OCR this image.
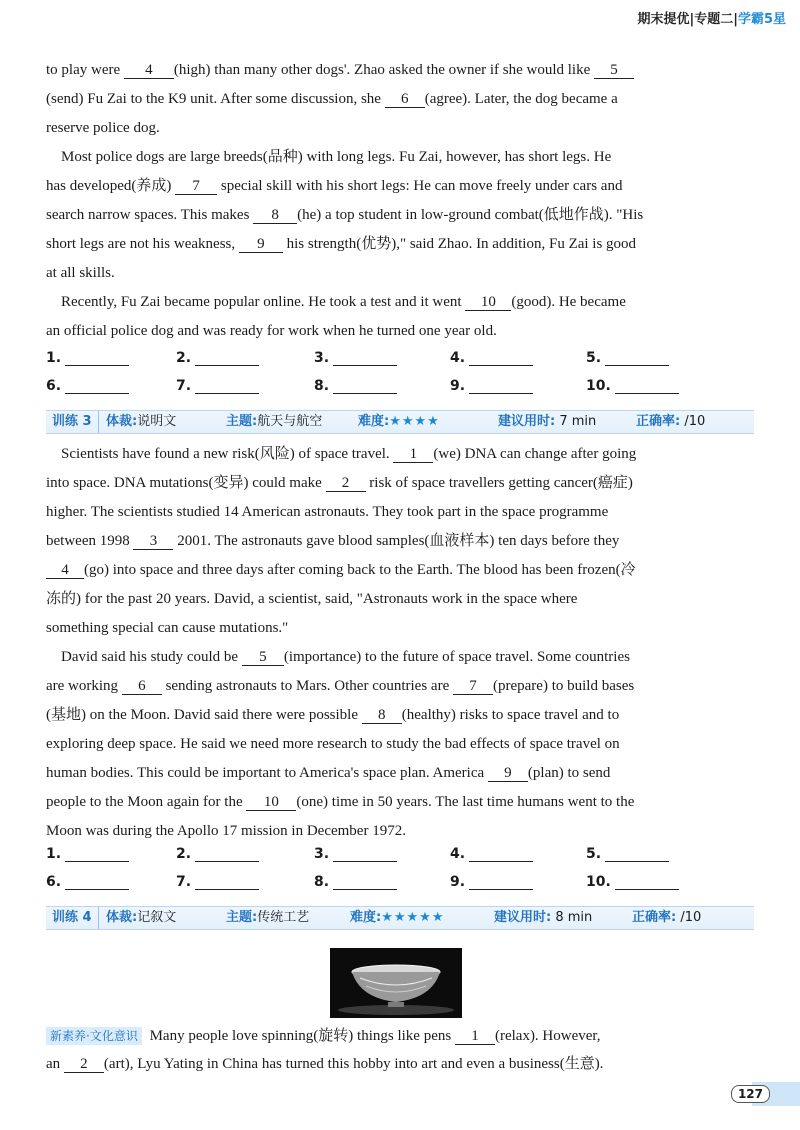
期末提优|专题二|学霸5星
to play were 4 (high) than many other dogs'. Zhao asked the owner if she would like 5
(send) Fu Zai to the K9 unit. After some discussion, she 6 (agree). Later, the dog became a
reserve police dog.
Most police dogs are large breeds(品种) with long legs. Fu Zai, however, has short legs. He
has developed(养成) 7 special skill with his short legs: He can move freely under cars and
search narrow spaces. This makes 8 (he) a top student in low-ground combat(低地作战). "His
short legs are not his weakness, 9 his strength(优势)," said Zhao. In addition, Fu Zai is good
at all skills.
Recently, Fu Zai became popular online. He took a test and it went 10 (good). He became
an official police dog and was ready for work when he turned one year old.
1.	2.	3.	4.	5.
6.	7.	8.	9.	10.
训练 3	体裁:说明文	主题:航天与航空	难度:★★★★	建议用时: 7 min	正确率: /10
Scientists have found a new risk(风险) of space travel. 1 (we) DNA can change after going
into space. DNA mutations(变异) could make 2 risk of space travellers getting cancer(癌症)
higher. The scientists studied 14 American astronauts. They took part in the space programme
between 1998 3 2001. The astronauts gave blood samples(血液样本) ten days before they
4 (go) into space and three days after coming back to the Earth. The blood has been frozen(冷
冻的) for the past 20 years. David, a scientist, said, "Astronauts work in the space where
something special can cause mutations."
David said his study could be 5 (importance) to the future of space travel. Some countries
are working 6 sending astronauts to Mars. Other countries are 7 (prepare) to build bases
(基地) on the Moon. David said there were possible 8 (healthy) risks to space travel and to
exploring deep space. He said we need more research to study the bad effects of space travel on
human bodies. This could be important to America's space plan. America 9 (plan) to send
people to the Moon again for the 10 (one) time in 50 years. The last time humans went to the
Moon was during the Apollo 17 mission in December 1972.
1.	2.	3.	4.	5.
6.	7.	8.	9.	10.
训练 4	体裁:记叙文	主题:传统工艺	难度:★★★★★	建议用时: 8 min	正确率: /10
新素养·文化意识 Many people love spinning(旋转) things like pens 1 (relax). However,
an 2 (art), Lyu Yating in China has turned this hobby into art and even a business(生意).
127
